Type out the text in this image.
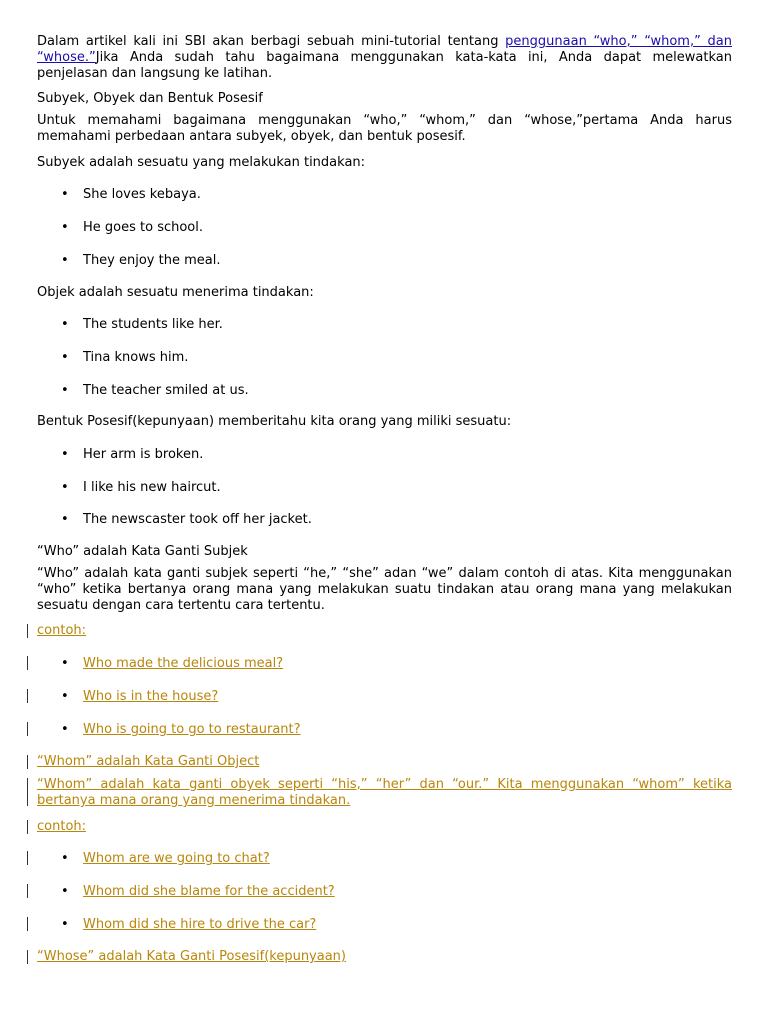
Dalam artikel kali ini SBI akan berbagi sebuah mini-tutorial tentang penggunaan “who,” “whom,” dan “whose.”Jika Anda sudah tahu bagaimana menggunakan kata-kata ini, Anda dapat melewatkan penjelasan dan langsung ke latihan.

Subyek, Obyek dan Bentuk Posesif

Untuk memahami bagaimana menggunakan “who,” “whom,” dan “whose,”pertama Anda harus memahami perbedaan antara subyek, obyek, dan bentuk posesif.

Subyek adalah sesuatu yang melakukan tindakan:

• She loves kebaya.
• He goes to school.
• They enjoy the meal.

Objek adalah sesuatu menerima tindakan:

• The students like her.
• Tina knows him.
• The teacher smiled at us.

Bentuk Posesif(kepunyaan) memberitahu kita orang yang miliki sesuatu:

• Her arm is broken.
• I like his new haircut.
• The newscaster took off her jacket.

“Who” adalah Kata Ganti Subjek

“Who” adalah kata ganti subjek seperti “he,” “she” adan “we” dalam contoh di atas. Kita menggunakan “who” ketika bertanya orang mana yang melakukan suatu tindakan atau orang mana yang melakukan sesuatu dengan cara tertentu cara tertentu.

contoh:

• Who made the delicious meal?
• Who is in the house?
• Who is going to go to restaurant?

“Whom” adalah Kata Ganti Object

“Whom” adalah kata ganti obyek seperti “his,” “her” dan “our.” Kita menggunakan “whom” ketika bertanya mana orang yang menerima tindakan.

contoh:

• Whom are we going to chat?
• Whom did she blame for the accident?
• Whom did she hire to drive the car?

“Whose” adalah Kata Ganti Posesif(kepunyaan)
